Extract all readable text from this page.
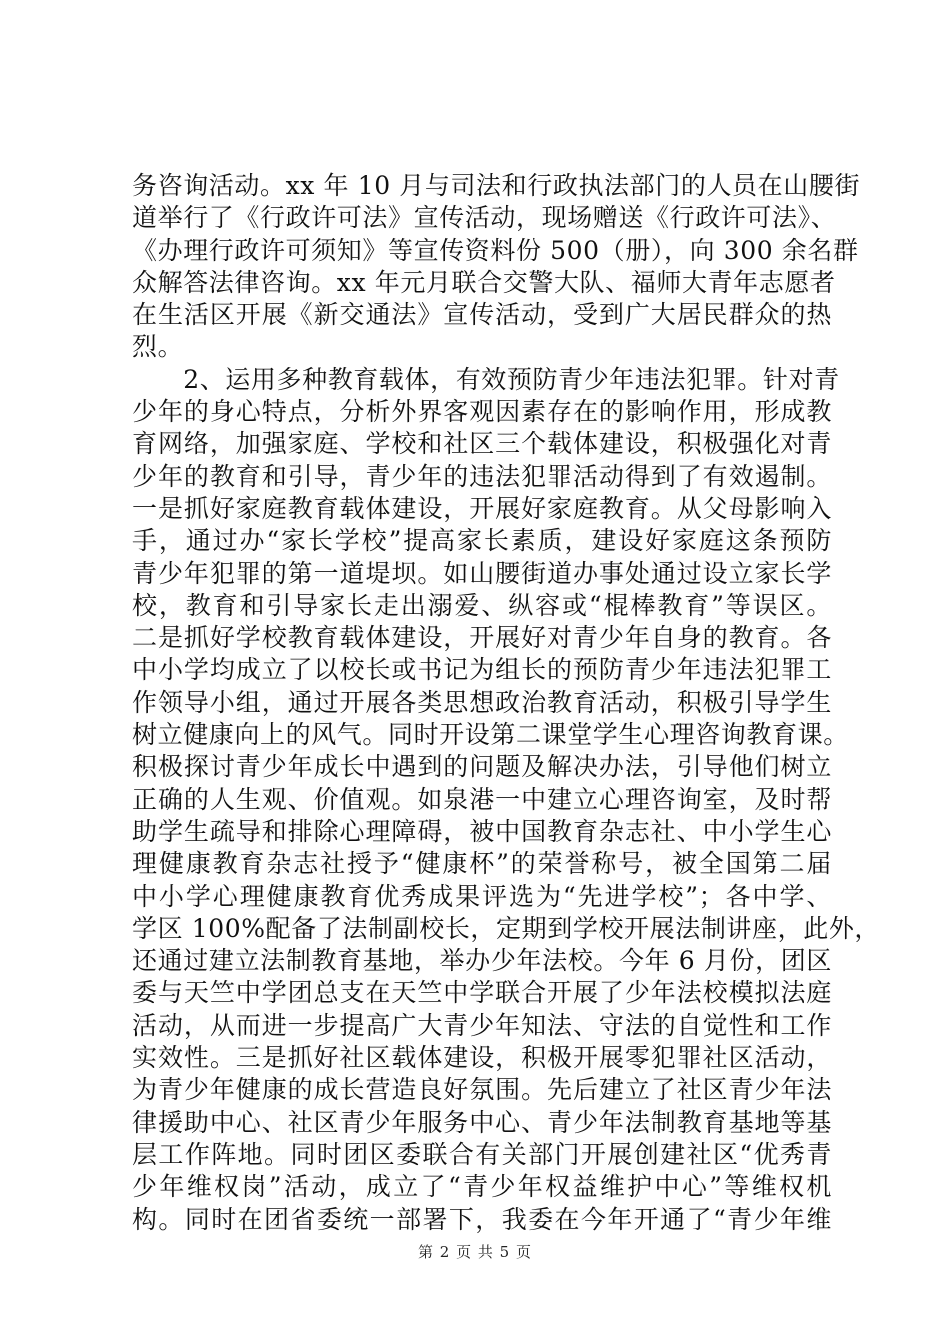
务咨询活动。xx 年 10 月与司法和行政执法部门的人员在山腰街
道举行了《行政许可法》宣传活动，现场赠送《行政许可法》、
《办理行政许可须知》等宣传资料份 500（册），向 300 余名群
众解答法律咨询。xx 年元月联合交警大队、福师大青年志愿者
在生活区开展《新交通法》宣传活动，受到广大居民群众的热
烈。
　　2、运用多种教育载体，有效预防青少年违法犯罪。针对青
少年的身心特点，分析外界客观因素存在的影响作用，形成教
育网络，加强家庭、学校和社区三个载体建设，积极强化对青
少年的教育和引导，青少年的违法犯罪活动得到了有效遏制。
一是抓好家庭教育载体建设，开展好家庭教育。从父母影响入
手，通过办“家长学校”提高家长素质，建设好家庭这条预防
青少年犯罪的第一道堤坝。如山腰街道办事处通过设立家长学
校，教育和引导家长走出溺爱、纵容或“棍棒教育”等误区。
二是抓好学校教育载体建设，开展好对青少年自身的教育。各
中小学均成立了以校长或书记为组长的预防青少年违法犯罪工
作领导小组，通过开展各类思想政治教育活动，积极引导学生
树立健康向上的风气。同时开设第二课堂学生心理咨询教育课。
积极探讨青少年成长中遇到的问题及解决办法，引导他们树立
正确的人生观、价值观。如泉港一中建立心理咨询室，及时帮
助学生疏导和排除心理障碍，被中国教育杂志社、中小学生心
理健康教育杂志社授予“健康杯”的荣誉称号，被全国第二届
中小学心理健康教育优秀成果评选为“先进学校”；各中学、
学区 100%配备了法制副校长，定期到学校开展法制讲座，此外，
还通过建立法制教育基地，举办少年法校。今年 6 月份，团区
委与天竺中学团总支在天竺中学联合开展了少年法校模拟法庭
活动，从而进一步提高广大青少年知法、守法的自觉性和工作
实效性。三是抓好社区载体建设，积极开展零犯罪社区活动，
为青少年健康的成长营造良好氛围。先后建立了社区青少年法
律援助中心、社区青少年服务中心、青少年法制教育基地等基
层工作阵地。同时团区委联合有关部门开展创建社区“优秀青
少年维权岗”活动，成立了“青少年权益维护中心”等维权机
构。同时在团省委统一部署下，我委在今年开通了“青少年维
第 2 页 共 5 页
